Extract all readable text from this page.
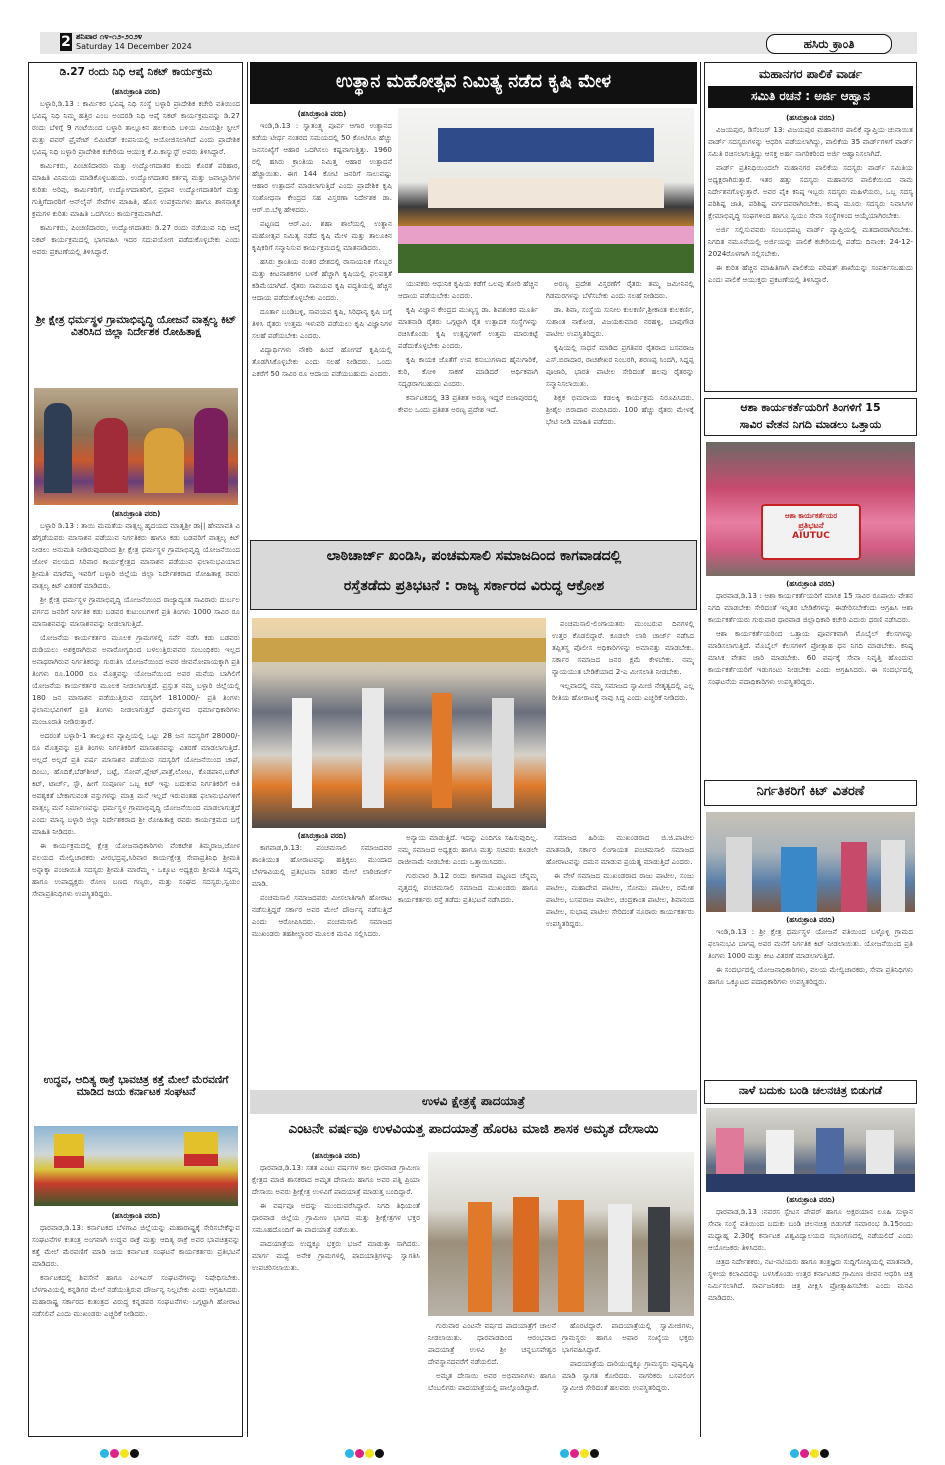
2 ಶನಿವಾರ ೧೪-೧೨-೨೦೨೪
Saturday 14 December 2024	ಹಸಿರು ಕ್ರಾಂತಿ
ಡಿ.27 ರಂದು ನಿಧಿ ಆಪ್ಕೆ ನಿಕಟ್ ಕಾರ್ಯಕ್ರಮ
(ಹಸಿರುಕ್ರಾಂತಿ ವರದಿ)

ಬಳ್ಳಾರಿ,ಡಿ.13 : ಕಾರ್ಮಿಕರ ಭವಿಷ್ಯ ನಿಧಿ ಸಂಸ್ಥೆ ಬಳ್ಳಾರಿ ಪ್ರಾದೇಶಿಕ ಕಚೇರಿ ವತಿಯಿಂದ ಭವಿಷ್ಯ ನಿಧಿ ನಿಮ್ಮ ಹತ್ತಿರ ಎಂಬ ಅಂದರಡಿ ನಿಧಿ ಆಪ್ಕೆ ನಿಕಟ್ ಕಾರ್ಯಕ್ರಮವನ್ನು ಡಿ.27 ರಂದು ಬೆಳಿಗ್ಗೆ 9 ಗಂಟೆಯಿಂದ ಬಳ್ಳಾರಿ ತಾಲ್ಲೂಕಿನ ಹಲಕುಂದಿ ಬಳಿಯ ವಿಜಯಶ್ರೀ ಸ್ಟೀಲ್ ಮತ್ತು ಪವರ್ ಪ್ರೈವೇಟ್ ಲಿಮಿಟೆಡ್ ಕಂಪನಿಯಲ್ಲಿ ಆಯೋಜಿಸಲಾಗಿದೆ ಎಂದು ಪ್ರಾದೇಶಿಕ ಭವಿಷ್ಯ ನಿಧಿ ಬಳ್ಳಾರಿ ಪ್ರಾದೇಶಿಕ ಕಚೇರಿಯ ಆಯುಕ್ತ ಕೆ.ಪಿ.ಕಾಸ್ಯುಸ್ಟ್ ಅವರು ತಿಳಿಸಿದ್ದಾರೆ.

ಕಾರ್ಮಿಕರು, ಪಿಂಚಣಿದಾರರು ಮತ್ತು ಉದ್ಯೋಗದಾತರ ಕುಂದು ಕೊರತೆ ಪರಿಹಾರ, ಮಾಹಿತಿ ವಿನಿಮಯ ಮಾಡಿಕೊಳ್ಳಬಹುದು. ಉದ್ಯೋಗದಾತರ ಕರ್ತವ್ಯ ಮತ್ತು ಜವಾಬ್ದಾರಿಗಳ ಕುರಿತು ಅರಿವು, ಕಾರ್ಮಿಕರಿಗೆ, ಉದ್ಯೋಗದಾತರಿಗೆ, ಪ್ರಧಾನ ಉದ್ಯೋಗದಾತರಿಗೆ ಮತ್ತು ಗುತ್ತಿಗೆದಾರರಿಗೆ ಆನ್‌ಲೈನ್ ಸೇವೆಗಳ ಮಾಹಿತಿ, ಹೊಸ ಉಪಕ್ರಮಗಳು ಹಾಗೂ ಶಾಸನಾತ್ಮಕ ಕ್ರಮಗಳ ಕುರಿತು ಮಾಹಿತಿ ಒದಗಿಸಲು ಕಾರ್ಯಕ್ರಮವಾಗಿದೆ.

ಕಾರ್ಮಿಕರು, ಪಿಂಚಣಿದಾರರು, ಉದ್ಯೋಗದಾತರು ಡಿ.27 ರಂದು ನಡೆಯುವ ನಿಧಿ ಆಪ್ಕೆ ನಿಕಟ್ ಕಾರ್ಯಕ್ರಮದಲ್ಲಿ ಭಾಗವಹಿಸಿ ಇದರ ಸದುಪಯೋಗ ಪಡೆದುಕೊಳ್ಳಬೇಕು ಎಂದು ಅವರು ಪ್ರಕಟಣೆಯಲ್ಲಿ ತಿಳಿಸಿದ್ದಾರೆ.

ಶ್ರೀ ಕ್ಷೇತ್ರ ಧರ್ಮಸ್ಥಳ ಗ್ರಾಮಾಭಿವೃದ್ಧಿ ಯೋಜನೆ ವಾತ್ಸಲ್ಯ ಕಿಟ್ ವಿತರಿಸಿದ ಜಿಲ್ಲಾ ನಿರ್ದೇಶಕ ರೋಹಿತಾಕ್ಷ
(ಹಸಿರುಕ್ರಾಂತಿ ವರದಿ)

ಬಳ್ಳಾರಿ ಡಿ.13 : ತಾಯಿ ಮಮತೆಯ ವಾತ್ಸಲ್ಯ ಹೃದಯದ ಮಾತೃಶ್ರೀ ಡಾ|| ಹೇಮಾವತಿ ವಿ ಹೆಗ್ಗಡೆಯವರು ಮಾಸಾಶನ ಪಡೆಯುವ ನಿರ್ಗತಿಕರು ಹಾಗೂ ಕಡು ಬಡವರಿಗೆ ವಾತ್ಸಲ್ಯ ಕಿಟ್ ನೀಡಲು ಅನುಮತಿ ನೀಡಿರುವುದರಿಂದ ಶ್ರೀ ಕ್ಷೇತ್ರ ಧರ್ಮಸ್ಥಳ ಗ್ರಾಮಾಭಿವೃದ್ಧಿ ಯೋಜನೆಯಿಂದ ಜೋಳ ವಲಯದ ಸಿರಿವಾರ ಕಾರ್ಯಕ್ಷೇತ್ರದ ಮಾಸಾಶನ ಪಡೆಯುವ ಫಲಾನುಭವಿಯಾದ ಶ್ರೀಮತಿ ಮಾರೆಮ್ಮ ಇವರಿಗೆ ಬಳ್ಳಾರಿ ಜಿಲ್ಲೆಯ ಜಿಲ್ಲಾ ನಿರ್ದೇಶಕರಾದ ರೋಹಿತಾಕ್ಷ ರವರು ವಾತ್ಸಲ್ಯ ಕಿಟ್ ವಿತರಣೆ ಮಾಡಿದರು.

ಶ್ರೀ ಕ್ಷೇತ್ರ ಧರ್ಮಸ್ಥಳ ಗ್ರಾಮಾಭಿವೃದ್ಧಿ ಯೋಜನೆಯಿಂದ ರಾಜ್ಯಾದ್ಯಂತ ಸಾವಿರಾರು ದುರ್ಬಲ ವರ್ಗದ ಜನರಿಗೆ ನಿರ್ಗತಿಕ ಕಡು ಬಡವರ ಕುಟುಂಬಗಳಿಗೆ ಪ್ರತಿ ತಿಂಗಳು 1000 ಸಾವಿರ ರೂ ಮಾಸಾಶನವನ್ನು ಮಾಸಾಶನವನ್ನು ನೀಡಲಾಗುತ್ತಿದೆ.

ಯೋಜನೆಯ ಕಾರ್ಯಕರ್ತರ ಮೂಲಕ ಗ್ರಾಮಗಳಲ್ಲಿ ಸರ್ವೆ ನಡೆಸಿ ಕಡು ಬಡವರು ದುಡಿಯಲು ಅಶಕ್ತರಾಗಿರುವ ಅನಾರೋಗ್ಯದಿಂದ ಬಳಲುತ್ತಿರುವವರ ಸಂಬಂಧಿಕರು ಇಲ್ಲದ ಅನಾಥರಾಗಿರುವ ನಿರ್ಗತಿಕರನ್ನು ಗುರುತಿಸಿ ಯೋಜನೆಯಿಂದ ಅವರ ಜೀವನೋಪಾಯಕ್ಕಾಗಿ ಪ್ರತಿ ತಿಂಗಳು ರೂ.1000 ರೂ ಮೊತ್ತವನ್ನು ಯೋಜನೆಯಿಂದ ಅವರ ಮನೆಯ ಬಾಗಿಲಿಗೆ ಯೋಜನೆಯ ಕಾರ್ಯಕರ್ತರ ಮೂಲಕ ನೀಡಲಾಗುತ್ತದೆ. ಪ್ರಸ್ತುತ ನಮ್ಮ ಬಳ್ಳಾರಿ ಜಿಲ್ಲೆಯಲ್ಲಿ 180 ಜನ ಮಾಸಾಶನ ಪಡೆಯುತ್ತಿರುವ ಸದಸ್ಯರಿಗೆ 181000/- ಪ್ರತಿ ತಿಂಗಳು ಫಲಾನುಭವಿಗಳಿಗೆ ಪ್ರತಿ ತಿಂಗಳು ನೀಡಲಾಗುತ್ತದೆ ಧರ್ಮಸ್ಥಳದ ಧರ್ಮಾಧಿಕಾರಿಗಳು ಮಂಜೂರಾತಿ ನೀಡಿರುತ್ತಾರೆ.

ಅದರಂತೆ ಬಳ್ಳಾರಿ-1 ತಾಲ್ಲೂಕಿನ ವ್ಯಾಪ್ತಿಯಲ್ಲಿ ಒಟ್ಟು 28 ಜನ ಸದಸ್ಯರಿಗೆ 28000/- ರೂ ಮೊತ್ತವನ್ನು ಪ್ರತಿ ತಿಂಗಳು ನಿರ್ಗತಿಕರಿಗೆ ಮಾಸಾಶನವನ್ನು ವಿತರಣೆ ಮಾಡಲಾಗುತ್ತಿದೆ. ಅಲ್ಲದೆ ಅಲ್ಲದೆ ಪ್ರತಿ ವರ್ಷ ಮಾಸಾಶನ ಪಡೆಯುವ ಸದಸ್ಯರಿಗೆ ಯೋಜನೆಯಿಂದ ಚಾಪೆ, ದಿಂಬು, ಹೊದಿಕೆ,ಬೆಡ್‌ಶೀಟ್, ಬಟ್ಟೆ, ಸೋಪ್,ಪ್ಲೇಟ್,ಪಾತ್ರೆ,ಲೋಟ, ಕೊಡಪಾನ,ಬಕೆಟ್ ಕಿಟ್, ಟಾರ್ಚ್, ಸ್ಟೌ, ಹೀಗೆ ಸಂಪೂರ್ಣ ಒಬ್ಬ ಕಿಟ್ ಇನ್ನು ಬದುಕುವ ನಿರ್ಗತಿಕರಿಗೆ ಅತಿ ಅವಶ್ಯಕತೆ ಬೇಕಾಗುವಂತ ವಸ್ತುಗಳನ್ನು ಮಾತ್ರ ಮನೆ ಇಲ್ಲದೆ ಇರುವಂತಹ ಫಲಾನುಭವಿಗಳಿಗೆ ವಾತ್ಸಲ್ಯ ಮನೆ ನಿರ್ಮಾಣವನ್ನು ಧರ್ಮಸ್ಥಳ ಗ್ರಾಮಾಭಿವೃದ್ಧಿ ಯೋಜನೆಯಿಂದ ಮಾಡಲಾಗುತ್ತದೆ ಎಂದು ಮಾನ್ಯ ಬಳ್ಳಾರಿ ಜಿಲ್ಲಾ ನಿರ್ದೇಶಕರಾದ ಶ್ರೀ ರೋಹಿತಾಕ್ಷ ರವರು ಕಾರ್ಯಕ್ರಮದ ಬಗ್ಗೆ ಮಾಹಿತಿ ನೀಡಿದರು.

ಈ ಕಾರ್ಯಕ್ರಮದಲ್ಲಿ ಕ್ಷೇತ್ರ ಯೋಜನಾಧಿಕಾರಿಗಳು ವೆಂಕಟೇಶ ತಿಮ್ಮರಾಜ,ಜೋಳ ವಲಯದ ಮೇಲ್ವಿಚಾರಕರು ವೀರಭದ್ರಪ್ಪ,ಸಿರಿವಾರ ಕಾರ್ಯಕ್ಷೇತ್ರ ಸೇವಾಪ್ರತಿನಿಧಿ ಶ್ರೀಮತಿ ಅನ್ನಾಕ್ಕಾ ಪಂಚಾಯಿತಿ ಸದಸ್ಯರು ಶ್ರೀಮತಿ ಮಾರೆಮ್ಮ - ಒಕ್ಕೂಟ ಅಧ್ಯಕ್ಷರು ಶ್ರೀಮತಿ ಸಿದ್ದಮ್ಮ ಹಾಗೂ ಉಪಾಧ್ಯಕ್ಷರು ರೋಣ ಬಣದ ಗಣ್ಯರು, ಮತ್ತು ಸಂಘದ ಸದಸ್ಯರು,ಸ್ವಯಂ ಸೇವಾಪ್ರತಿನಿಧಿಗಳು ಉಪಸ್ಥಿತರಿದ್ದರು.

ಉದ್ಧವ, ಆದಿತ್ಯ ಠಾಕ್ರೆ ಭಾವಚಿತ್ರ ಕತ್ತೆ ಮೇಲೆ ಮೆರವಣಿಗೆ ಮಾಡಿದ ಜಯ ಕರ್ನಾಟಕ ಸಂಘಟನೆ
(ಹಸಿರುಕ್ರಾಂತಿ ವರದಿ)

ಧಾರವಾಡ,ಡಿ.13: ಕರ್ನಾಟಕದ ಬೆಳಗಾವಿ ಜಿಲ್ಲೆಯನ್ನು ಮಹಾರಾಷ್ಟ್ರಕ್ಕೆ ಸೇರಿಸಬೇಕೆನ್ನುವ ಸಂಘಟನೆಗಳ ಕುತಂತ್ರ ಅಂಗವಾಗಿ ಉದ್ಧವ ಠಾಕ್ರೆ ಮತ್ತು ಆದಿತ್ಯ ಠಾಕ್ರೆ ಅವರ ಭಾವಚಿತ್ರವನ್ನು ಕತ್ತೆ ಮೇಲೆ ಮೆರವಣಿಗೆ ಮಾಡಿ ಜಯ ಕರ್ನಾಟಕ ಸಂಘಟನೆ ಕಾರ್ಯಕರ್ತರು ಪ್ರತಿಭಟನೆ ಮಾಡಿದರು.

ಕರ್ನಾಟಕದಲ್ಲಿ ಶಿವಸೇನೆ ಹಾಗೂ ಎಂಇಎಸ್ ಸಂಘಟನೆಗಳನ್ನು ನಿಷೇಧಿಸಬೇಕು. ಬೆಳಗಾವಿಯಲ್ಲಿ ಕನ್ನಡಿಗರ ಮೇಲೆ ನಡೆಯುತ್ತಿರುವ ದೌರ್ಜನ್ಯ ನಿಲ್ಲಬೇಕು ಎಂದು ಆಗ್ರಹಿಸಿದರು. ಮಹಾರಾಷ್ಟ್ರ ಸರ್ಕಾರದ ಕುತಂತ್ರದ ವಿರುದ್ಧ ಕನ್ನಡಪರ ಸಂಘಟನೆಗಳು ಒಗ್ಗಟ್ಟಾಗಿ ಹೋರಾಟ ನಡೆಸಲಿವೆ ಎಂದು ಮುಖಂಡರು ಎಚ್ಚರಿಕೆ ನೀಡಿದರು.

ಉತ್ಥಾನ ಮಹೋತ್ಸವ ನಿಮಿತ್ಯ ನಡೆದ ಕೃಷಿ ಮೇಳ
(ಹಸಿರುಕ್ರಾಂತಿ ವರದಿ)

ಇಂಡಿ,ಡಿ.13 : ಸ್ವಾತಂತ್ರ್ಯ ಪೂರ್ವ ಆಗಾರ ಉತ್ಥಾನದ ಕಡೆಯ ಟೀರ್ಥ ನಂತರದ ಸಮಯದಲ್ಲಿ 50 ಕೋಟಿಗೂ ಹೆಚ್ಚು ಜನಸಂಖ್ಯೆಗೆ ಆಹಾರ ಒದಗಿಸಲು ಕಷ್ಟವಾಗುತ್ತಿತ್ತು. 1960 ರಲ್ಲಿ ಹಸಿರು ಕ್ರಾಂತಿಯ ನಿಮಿತ್ತ ಆಹಾರ ಉತ್ಪಾದನೆ ಹೆಚ್ಚಾಯಿತು. ಈಗ 144 ಕೋಟಿ ಜನರಿಗೆ ಸಾಲುವಷ್ಟು ಆಹಾರ ಉತ್ಪಾದನೆ ಮಾಡಲಾಗುತ್ತಿದೆ ಎಂದು ಪ್ರಾದೇಶಿಕ ಕೃಷಿ ಸಂಶೋಧನಾ ಕೇಂದ್ರದ ಸಹ ವಿಸ್ತರಣಾ ನಿರ್ದೇಶಕ ಡಾ. ಆರ್.ಬಿ.ಬೆಳ್ಳಿ ಹೇಳಿದರು.

ಪಟ್ಟಣದ ಆರ್.ಎಂ. ಶಹಾ ಶಾಲೆಯಲ್ಲಿ ಉತ್ಥಾನ ಮಹೋತ್ಸವ ನಿಮಿತ್ಯ ನಡೆದ ಕೃಷಿ ಮೇಳ ಮತ್ತು ತಾಲೂಕಿನ ಕೃಷಿಕರಿಗೆ ಸನ್ಮಾನಿಸುವ ಕಾರ್ಯಕ್ರಮದಲ್ಲಿ ಮಾತನಾಡಿದರು.

ಹಸಿರು ಕ್ರಾಂತಿಯ ನಂತರ ದೇಶದಲ್ಲಿ ರಾಸಾಯನಿಕ ಗೊಬ್ಬರ ಮತ್ತು ಕೀಟನಾಶಕಗಳ ಬಳಕೆ ಹೆಚ್ಚಾಗಿ ಕೃಷಿಯಲ್ಲಿ ಫಲವತ್ತತೆ ಕಡಿಮೆಯಾಗಿದೆ. ರೈತರು ಸಾವಯವ ಕೃಷಿ ಪದ್ಧತಿಯಲ್ಲಿ ಹೆಚ್ಚಿನ ಆದಾಯ ಪಡೆದುಕೊಳ್ಳಬೇಕು ಎಂದರು.

ದೂರ್ತಾ ಬಂಡಿಬಳ್ಳಿ, ಸಾವಯವ ಕೃಷಿ, ಸಿರಿಧಾನ್ಯ ಕೃಷಿ ಬಗ್ಗೆ ತಿಳಿಸಿ ರೈತರು ಉತ್ತಮ ಇಳುವರಿ ಪಡೆಯಲು ಕೃಷಿ ವಿಜ್ಞಾನಿಗಳ ಸಲಹೆ ಪಡೆಯಬೇಕು ಎಂದರು.

ವಿದ್ಯಾರ್ಥಿಗಳು ನೌಕರಿ ಹಿಂದೆ ಹೋಗದೆ ಕೃಷಿಯಲ್ಲಿ ತೊಡಗಿಸಿಕೊಳ್ಳಬೇಕು ಎಂದು ಸಲಹೆ ನೀಡಿದರು. ಒಂದು ಎಕರೆಗೆ 50 ಸಾವಿರ ರೂ ಆದಾಯ ಪಡೆಯಬಹುದು ಎಂದರು.

ಯುವಕರು ಆಧುನಿಕ ಕೃಷಿಯ ಕಡೆಗೆ ಒಲವು ತೋರಿ ಹೆಚ್ಚಿನ ಆದಾಯ ಪಡೆಯಬೇಕು ಎಂದರು.

ಕೃಷಿ ವಿಜ್ಞಾನ ಕೇಂದ್ರದ ಮುಖ್ಯಸ್ಥ ಡಾ. ಶಿವಶಂಕರ ಮೂರ್ತಿ ಮಾತನಾಡಿ ರೈತರು ಒಗ್ಗಟ್ಟಾಗಿ ರೈತ ಉತ್ಪಾದಕ ಸಂಸ್ಥೆಗಳನ್ನು ರಚಿಸಿಕೊಂಡು ಕೃಷಿ ಉತ್ಪನ್ನಗಳಿಗೆ ಉತ್ತಮ ಮಾರುಕಟ್ಟೆ ಪಡೆದುಕೊಳ್ಳಬೇಕು ಎಂದರು.

ಕೃಷಿ ಕಾಯಕ ಜೊತೆಗೆ ಉಪ ಕಸುಬುಗಳಾದ ಹೈನುಗಾರಿಕೆ, ಕುರಿ, ಕೋಳಿ ಸಾಕಣೆ ಮಾಡಿದರೆ ಆರ್ಥಿಕವಾಗಿ ಸದೃಢರಾಗಬಹುದು ಎಂದರು.

ಕರ್ನಾಟಕದಲ್ಲಿ 33 ಪ್ರತಿಶತ ಅರಣ್ಯ ಇದ್ದರೆ ಬಿಜಾಪುರದಲ್ಲಿ ಕೇವಲ ಒಂದು ಪ್ರತಿಶತ ಅರಣ್ಯ ಪ್ರದೇಶ ಇದೆ.

ಅರಣ್ಯ ಪ್ರದೇಶ ವಿಸ್ತರಣೆಗೆ ರೈತರು ತಮ್ಮ ಜಮೀನಿನಲ್ಲಿ ಗಿಡಮರಗಳನ್ನು ಬೆಳೆಸಬೇಕು ಎಂದು ಸಲಹೆ ನೀಡಿದರು.

ಡಾ. ಶಿವಾ, ಸಂಸ್ಥೆಯ ಸುನೀಲ ಕುಲಕರ್ಣಿ,ಶ್ರೀಕಾಂತ ಕುಲಕರ್ಣಿ, ಸುಶಾಂತ ನಾಕೋಡ, ವಿಜಯಕುಮಾರ ನರಹಳ್ಳಿ, ಬಾಪುಗೌಡ ಪಾಟೀಲ ಉಪಸ್ಥಿತರಿದ್ದರು.

ಕೃಷಿಯಲ್ಲಿ ಸಾಧನೆ ಮಾಡಿದ ಪ್ರಗತಿಪರ ರೈತರಾದ ಬಸವರಾಜ ಎಸ್.ಬಿರಾದಾರ, ರಾಚಶೇಖರ ನಿಂಬರಗಿ, ಶರಣಪ್ಪ ಸಿಂದಗಿ, ಸಿದ್ದಪ್ಪ ಪೂಜಾರಿ, ಭಾರತಿ ಪಾಟೀಲ ಸೇರಿದಂತೆ ಹಲವು ರೈತರನ್ನು ಸನ್ಮಾನಿಸಲಾಯಿತು.

ಶಿಕ್ಷಕ ಭಿಮರಾಯ ಕಡಲಕ್ಕಿ ಕಾರ್ಯಕ್ರಮ ನಿರೂಪಿಸಿದರು. ಶ್ರೀಶೈಲ ಬಿರಾದಾರ ವಂದಿಸಿದರು. 100 ಹೆಚ್ಚು ರೈತರು ಮೇಳಕ್ಕೆ ಭೇಟಿ ನೀಡಿ ಮಾಹಿತಿ ಪಡೆದರು.

ಲಾಠಿಚಾರ್ಜ್ ಖಂಡಿಸಿ, ಪಂಚಮಸಾಲಿ ಸಮಾಜದಿಂದ ಕಾಗವಾಡದಲ್ಲಿ
ರಸ್ತೆತಡೆದು ಪ್ರತಿಭಟನೆ : ರಾಜ್ಯ ಸರ್ಕಾರದ ವಿರುದ್ಧ ಆಕ್ರೋಶ

ಪಂಚಮಸಾಲಿ-ಲಿಂಗಾಯತರು ಮುಂಬರುವ ದಿನಗಳಲ್ಲಿ ಉತ್ತರ ಕೊಡಲಿದ್ದಾರೆ. ಕೂಡಲೇ ಲಾಠಿ ಚಾರ್ಜ್ ನಡೆಸಿದ ತಪ್ಪಿತಸ್ಥ ಪೊಲೀಸ ಅಧಿಕಾರಿಗಳನ್ನು ಅಮಾನತ್ತು ಮಾಡಬೇಕು. ಸರ್ಕಾರ ಸಮಾಜದ ಜನರ ಕ್ಷಮೆ ಕೇಳಬೇಕು. ನಮ್ಮ ನ್ಯಾಯಯುತ ಬೇಡಿಕೆಯಾದ 2-ಎ ಮೀಸಲಾತಿ ನೀಡಬೇಕು.

ಇಲ್ಲವಾದಲ್ಲಿ ನಮ್ಮ ಸಮಾಜದ ಸ್ವಾಮೀಜಿ ನೇತೃತ್ವದಲ್ಲಿ ಎಲ್ಲ ರೀತಿಯ ಹೋರಾಟಕ್ಕೆ ನಾವು ಸಿದ್ಧ ಎಂದು ಎಚ್ಚರಿಕೆ ನೀಡಿದರು.

(ಹಸಿರುಕ್ರಾಂತಿ ವರದಿ)

ಕಾಗವಾಡ,ಡಿ.13: ಪಂಚಮಸಾಲಿ ಸಮಾಜದವರ ಶಾಂತಿಯುತ ಹೋರಾಟವನ್ನು ಹತ್ತಿಕ್ಕಲು ಮುಂದಾದ ಬೆಳಗಾವಿಯಲ್ಲಿ ಪ್ರತಿಭಟನಾ ನಿರತರ ಮೇಲೆ ಲಾಠಿಚಾರ್ಜ್ ಮಾಡಿ.

ಪಂಚಮಸಾಲಿ ಸಮಾಜದವರು ಮೀಸಲಾತಿಗಾಗಿ ಹೋರಾಟ ನಡೆಸುತ್ತಿದ್ದರೆ ಸರ್ಕಾರ ಅವರ ಮೇಲೆ ದೌರ್ಜನ್ಯ ನಡೆಸುತ್ತಿದೆ ಎಂದು ಆರೋಪಿಸಿದರು. ಪಂಚಮಸಾಲಿ ಸಮಾಜದ ಮುಖಂಡರು ತಹಶೀಲ್ದಾರರ ಮೂಲಕ ಮನವಿ ಸಲ್ಲಿಸಿದರು.

ಅನ್ಯಾಯ ಮಾಡುತ್ತಿದೆ. ಇದನ್ನು ಎಂದಿಗೂ ಸಹಿಸುವುದಿಲ್ಲ. ನಮ್ಮ ಸಮಾಜದ ಅಧ್ಯಕ್ಷರು ಹಾಗೂ ಮತ್ತು ಸಚಿವರು ಕೂಡಲೇ ರಾಜೀನಾಮೆ ನೀಡಬೇಕು ಎಂದು ಒತ್ತಾಯಿಸಿದರು.

ಗುರುವಾರ ಡಿ.12 ರಂದು ಕಾಗವಾಡ ಪಟ್ಟಣದ ಚೆನ್ನಮ್ಮ ವೃತ್ತದಲ್ಲಿ ಪಂಚಮಸಾಲಿ ಸಮಾಜದ ಮುಖಂಡರು ಹಾಗೂ ಕಾರ್ಯಕರ್ತರು ರಸ್ತೆ ತಡೆದು ಪ್ರತಿಭಟನೆ ನಡೆಸಿದರು.

ಸಮಾಜದ ಹಿರಿಯ ಮುಖಂಡರಾದ ಜಿ.ಜಿ.ಪಾಟೀಲ ಮಾತನಾಡಿ, ಸರ್ಕಾರ ಲಿಂಗಾಯತ ಪಂಚಮಸಾಲಿ ಸಮಾಜದ ಹೋರಾಟವನ್ನು ದಮನ ಮಾಡುವ ಪ್ರಯತ್ನ ಮಾಡುತ್ತಿದೆ ಎಂದರು.

ಈ ವೇಳೆ ಸಮಾಜದ ಮುಖಂಡರಾದ ರಾಜು ಪಾಟೀಲ, ಸಂಜು ಪಾಟೀಲ, ಮಹಾದೇವ ಪಾಟೀಲ, ಸೋಮು ಪಾಟೀಲ, ರಮೇಶ ಪಾಟೀಲ, ಬಸವರಾಜ ಪಾಟೀಲ, ಚಂದ್ರಕಾಂತ ಪಾಟೀಲ, ಶಿವಾನಂದ ಪಾಟೀಲ, ಸುಭಾಷ ಪಾಟೀಲ ಸೇರಿದಂತೆ ನೂರಾರು ಕಾರ್ಯಕರ್ತರು ಉಪಸ್ಥಿತರಿದ್ದರು.

ಉಳವಿ ಕ್ಷೇತ್ರಕ್ಕೆ ಪಾದಯಾತ್ರೆ
ಎಂಟನೇ ವರ್ಷವೂ ಉಳವಿಯತ್ತ ಪಾದಯಾತ್ರೆ ಹೊರಟ ಮಾಜಿ ಶಾಸಕ ಅಮೃತ ದೇಸಾಯಿ
(ಹಸಿರುಕ್ರಾಂತಿ ವರದಿ)

ಧಾರವಾಡ,ಡಿ.13: ಸತತ ಎಂಟು ವರ್ಷಗಳ ಕಾಲ ಧಾರವಾಡ ಗ್ರಾಮೀಣ ಕ್ಷೇತ್ರದ ಮಾಜಿ ಶಾಸಕರಾದ ಅಮೃತ ದೇಸಾಯಿ ಹಾಗೂ ಅವರ ಪತ್ನಿ ಪ್ರಿಯಾ ದೇಸಾಯಿ ಅವರು ಶ್ರೀಕ್ಷೇತ್ರ ಉಳವಿಗೆ ಪಾದಯಾತ್ರೆ ಮಾಡುತ್ತ ಬಂದಿದ್ದಾರೆ.

ಈ ವರ್ಷವೂ ಅದನ್ನು ಮುಂದುವರೆಸಿದ್ದಾರೆ. ನಿಗದಿ ತಿಥಿಯಂತೆ ಧಾರವಾಡ ಜಿಲ್ಲೆಯ ಗ್ರಾಮೀಣ ಭಾಗದ ಮತ್ತು ಶ್ರೀಕ್ಷೇತ್ರಗಳ ಭಕ್ತರ ಸಮೂಹದೊಂದಿಗೆ ಈ ಪಾದಯಾತ್ರೆ ನಡೆಯಿತು.

ಪಾದಯಾತ್ರೆಯ ಉದ್ದಕ್ಕೂ ಭಕ್ತರು ಭಜನೆ ಮಾಡುತ್ತಾ ಸಾಗಿದರು. ಮಾರ್ಗ ಮಧ್ಯೆ ಅನೇಕ ಗ್ರಾಮಗಳಲ್ಲಿ ಪಾದಯಾತ್ರಿಗಳನ್ನು ಸ್ವಾಗತಿಸಿ ಉಪಚರಿಸಲಾಯಿತು.

ಗುರುವಾರ ಎಂಟನೇ ವರ್ಷದ ಪಾದಯಾತ್ರೆಗೆ ಚಾಲನೆ ನೀಡಲಾಯಿತು. ಧಾರವಾಡದಿಂದ ಆರಂಭವಾದ ಪಾದಯಾತ್ರೆ ಉಳವಿ ಶ್ರೀ ಚನ್ನಬಸವೇಶ್ವರ ದೇವಸ್ಥಾನದವರೆಗೆ ನಡೆಯಲಿದೆ.

ಅಮೃತ ದೇಸಾಯಿ ಅವರ ಅಭಿಮಾನಿಗಳು ಹಾಗೂ ಬೆಂಬಲಿಗರು ಪಾದಯಾತ್ರೆಯಲ್ಲಿ ಪಾಲ್ಗೊಂಡಿದ್ದಾರೆ.

ಹೊರಟಿದ್ದಾರೆ. ಪಾದಯಾತ್ರೆಯಲ್ಲಿ ಸ್ವಾಮೀಜಿಗಳು, ಗ್ರಾಮಸ್ಥರು ಹಾಗೂ ಅಪಾರ ಸಂಖ್ಯೆಯ ಭಕ್ತರು ಭಾಗವಹಿಸಿದ್ದಾರೆ.

ಪಾದಯಾತ್ರೆಯ ದಾರಿಯುದ್ದಕ್ಕೂ ಗ್ರಾಮಸ್ಥರು ಪುಷ್ಪವೃಷ್ಟಿ ಮಾಡಿ ಸ್ವಾಗತ ಕೋರಿದರು. ನಾಗರಿಕರು ಬಸವಲಿಂಗ ಸ್ವಾಮೀಜಿ ಸೇರಿದಂತೆ ಹಲವರು ಉಪಸ್ಥಿತರಿದ್ದರು.

ಮಹಾನಗರ ಪಾಲಿಕೆ ವಾರ್ಡ
ಸಮಿತಿ ರಚನೆ : ಅರ್ಜಿ ಆಹ್ವಾನ
(ಹಸಿರುಕ್ರಾಂತಿ ವರದಿ)

ವಿಜಯಪುರ, ಡಿಸೆಂಬರ್ 13: ವಿಜಯಪುರ ಮಹಾನಗರ ಪಾಲಿಕೆ ವ್ಯಾಪ್ತಿಯ ಚುನಾಯಿತ ವಾರ್ಡ್ ಸದಸ್ಯರುಗಳನ್ನು ಆಧರಿಸಿ ಪಡೆಯಲಾಗಿದ್ದು, ಪಾಲಿಕೆಯ 35 ವಾರ್ಡ್‌ಗಳಿಗೆ ವಾರ್ಡ್ ಸಮಿತಿ ರಚಿಸಲಾಗುತ್ತಿದ್ದು ಆಸಕ್ತ ಅರ್ಹ ನಾಗರಿಕರಿಂದ ಅರ್ಜಿ ಆಹ್ವಾನಿಸಲಾಗಿದೆ.

ವಾರ್ಡ್ ಪ್ರತಿನಿಧಿಯಿಂದಲೇ ಮಹಾನಗರ ಪಾಲಿಕೆಯ ಸದಸ್ಯರು ವಾರ್ಡ್ ಸಮಿತಿಯ ಅಧ್ಯಕ್ಷರಾಗಿರುತ್ತಾರೆ. ಇತರ ಹತ್ತು ಸದಸ್ಯರು ಮಹಾನಗರ ಪಾಲಿಕೆಯಿಂದ ನಾಮ ನಿರ್ದೇಶನಗೊಳ್ಳುತ್ತಾರೆ. ಅವರ ಪೈಕಿ ಕನಿಷ್ಠ ಇಬ್ಬರು ಸದಸ್ಯರು ಮಹಿಳೆಯರು, ಒಬ್ಬ ಸದಸ್ಯ ಪರಿಶಿಷ್ಟ ಜಾತಿ, ಪರಿಶಿಷ್ಟ ವರ್ಗದವರಾಗಿರಬೇಕು. ಕನಿಷ್ಠ ಮೂರು ಸದಸ್ಯರು ನಿವಾಸಿಗಳ ಕ್ಷೇಮಾಭಿವೃದ್ಧಿ ಸಂಘಗಳಿಂದ ಹಾಗೂ ಸ್ವಯಂ ಸೇವಾ ಸಂಸ್ಥೆಗಳಿಂದ ಆಯ್ಕೆಯಾಗಿರಬೇಕು.

ಅರ್ಜಿ ಸಲ್ಲಿಸುವವರು ಸಂಬಂಧಪಟ್ಟ ವಾರ್ಡ್ ವ್ಯಾಪ್ತಿಯಲ್ಲಿ ಮತದಾರರಾಗಿರಬೇಕು. ನಿಗದಿತ ನಮೂನೆಯಲ್ಲಿ ಅರ್ಜಿಯನ್ನು ಪಾಲಿಕೆ ಕಚೇರಿಯಲ್ಲಿ ಪಡೆದು ದಿನಾಂಕ: 24-12-2024ರೊಳಗಾಗಿ ಸಲ್ಲಿಸಬೇಕು.

ಈ ಕುರಿತ ಹೆಚ್ಚಿನ ಮಾಹಿತಿಗಾಗಿ ಪಾಲಿಕೆಯ ಪರಿಷತ್ ಶಾಖೆಯನ್ನು ಸಂಪರ್ಕಿಸಬಹುದು ಎಂದು ಪಾಲಿಕೆ ಆಯುಕ್ತರು ಪ್ರಕಟಣೆಯಲ್ಲಿ ತಿಳಿಸಿದ್ದಾರೆ.

ಆಶಾ ಕಾರ್ಯಕರ್ತೆಯರಿಗೆ ತಿಂಗಳಿಗೆ 15
ಸಾವಿರ ವೇತನ ನಿಗದಿ ಮಾಡಲು ಒತ್ತಾಯ
ಆಶಾ ಕಾರ್ಯಕರ್ತೆಯರ
ಪ್ರತಿಭಟನೆ
AIUTUC
(ಹಸಿರುಕ್ರಾಂತಿ ವರದಿ)

ಧಾರವಾಡ,ಡಿ.13 : ಆಶಾ ಕಾರ್ಯಕರ್ತೆಯರಿಗೆ ಮಾಸಿಕ 15 ಸಾವಿರ ರೂಪಾಯಿ ವೇತನ ನಿಗದಿ ಮಾಡಬೇಕು ಸೇರಿದಂತೆ ಇನ್ನಿತರ ಬೇಡಿಕೆಗಳನ್ನು ಈಡೇರಿಸಬೇಕೆಂದು ಆಗ್ರಹಿಸಿ ಆಶಾ ಕಾರ್ಯಕರ್ತೆಯರು ಗುರುವಾರ ಧಾರವಾಡ ಜಿಲ್ಲಾಧಿಕಾರಿ ಕಚೇರಿ ಎದುರು ಧರಣಿ ನಡೆಸಿದರು.

ಆಶಾ ಕಾರ್ಯಕರ್ತೆಯರಿಂದ ಒತ್ತಾಯ ಪೂರ್ವಕವಾಗಿ ಮೊಬೈಲ್ ಕೆಲಸಗಳನ್ನು ಮಾಡಿಸಲಾಗುತ್ತಿದೆ. ಮೊಬೈಲ್ ಕೆಲಸಗಳಿಗೆ ಪ್ರೋತ್ಸಾಹ ಧನ ನಿಗದಿ ಮಾಡಬೇಕು. ಕನಿಷ್ಠ ಮಾಸಿಕ ವೇತನ ಜಾರಿ ಮಾಡಬೇಕು. 60 ವರ್ಷಕ್ಕೆ ಸೇವಾ ನಿವೃತ್ತಿ ಹೊಂದುವ ಕಾರ್ಯಕರ್ತೆಯರಿಗೆ ಇಡುಗಂಟು ನೀಡಬೇಕು ಎಂದು ಆಗ್ರಹಿಸಿದರು. ಈ ಸಂದರ್ಭದಲ್ಲಿ ಸಂಘಟನೆಯ ಪದಾಧಿಕಾರಿಗಳು ಉಪಸ್ಥಿತರಿದ್ದರು.

ನಿರ್ಗತಿಕರಿಗೆ ಕಿಟ್ ವಿತರಣೆ
(ಹಸಿರುಕ್ರಾಂತಿ ವರದಿ)

ಇಂಡಿ,ಡಿ.13 : ಶ್ರೀ ಕ್ಷೇತ್ರ ಧರ್ಮಸ್ಥಳ ಯೋಜನೆ ವತಿಯಿಂದ ಬಳ್ಳೊಳ್ಳಿ ಗ್ರಾಮದ ಫಲಾನುಭವಿ ಬಾಗಪ್ಪ ಅವರ ಮನೆಗೆ ನಿರ್ಗತಿಕ ಕಿಟ್ ನೀಡಲಾಯಿತು. ಯೋಜನೆಯಿಂದ ಪ್ರತಿ ತಿಂಗಳು 1000 ಮತ್ತು ಕೀಟ ವಿತರಣೆ ಮಾಡಲಾಗುತ್ತಿದೆ.

ಈ ಸಂದರ್ಭದಲ್ಲಿ ಯೋಜನಾಧಿಕಾರಿಗಳು, ವಲಯ ಮೇಲ್ವಿಚಾರಕರು, ಸೇವಾ ಪ್ರತಿನಿಧಿಗಳು ಹಾಗೂ ಒಕ್ಕೂಟದ ಪದಾಧಿಕಾರಿಗಳು ಉಪಸ್ಥಿತರಿದ್ದರು.

ನಾಳೆ ಬದುಕು ಬಂಡಿ ಚಲನಚಿತ್ರ ಬಿಡುಗಡೆ
(ಹಸಿರುಕ್ರಾಂತಿ ವರದಿ)

ಧಾರವಾಡ,ಡಿ.13 :ನವರಸ ಸ್ಟೇಟಸ ಪೇಪರ್ ಹಾಗೂ ಅಕ್ಷರಯಾನ ಲೂಹಿ ಸುಳ್ಳಾನ ಸೇವಾ ಸಂಸ್ಥೆ ವತಿಯಿಂದ ಬದುಕು ಬಂಡಿ ಚಲನಚಿತ್ರ ಬಿಡುಗಡೆ ಸಮಾರಂಭ ಡಿ.15ರಂದು ಮಧ್ಯಾಹ್ನ 2.30ಕ್ಕೆ ಕರ್ನಾಟಕ ವಿಶ್ವವಿದ್ಯಾಲಯದ ಸಭಾಂಗಣದಲ್ಲಿ ನಡೆಯಲಿದೆ ಎಂದು ಆಯೋಜಕರು ತಿಳಿಸಿದರು.

ಚಿತ್ರದ ನಿರ್ದೇಶಕರು, ನಟ-ನಟಿಯರು ಹಾಗೂ ತಂತ್ರಜ್ಞರು ಸುದ್ದಿಗೋಷ್ಠಿಯಲ್ಲಿ ಮಾತನಾಡಿ, ಸ್ಥಳೀಯ ಕಲಾವಿದರನ್ನು ಬಳಸಿಕೊಂಡು ಉತ್ತರ ಕರ್ನಾಟಕದ ಗ್ರಾಮೀಣ ಜೀವನ ಆಧರಿಸಿ ಚಿತ್ರ ನಿರ್ಮಿಸಲಾಗಿದೆ. ಸಾರ್ವಜನಿಕರು ಚಿತ್ರ ವೀಕ್ಷಿಸಿ ಪ್ರೋತ್ಸಾಹಿಸಬೇಕು ಎಂದು ಮನವಿ ಮಾಡಿದರು.
